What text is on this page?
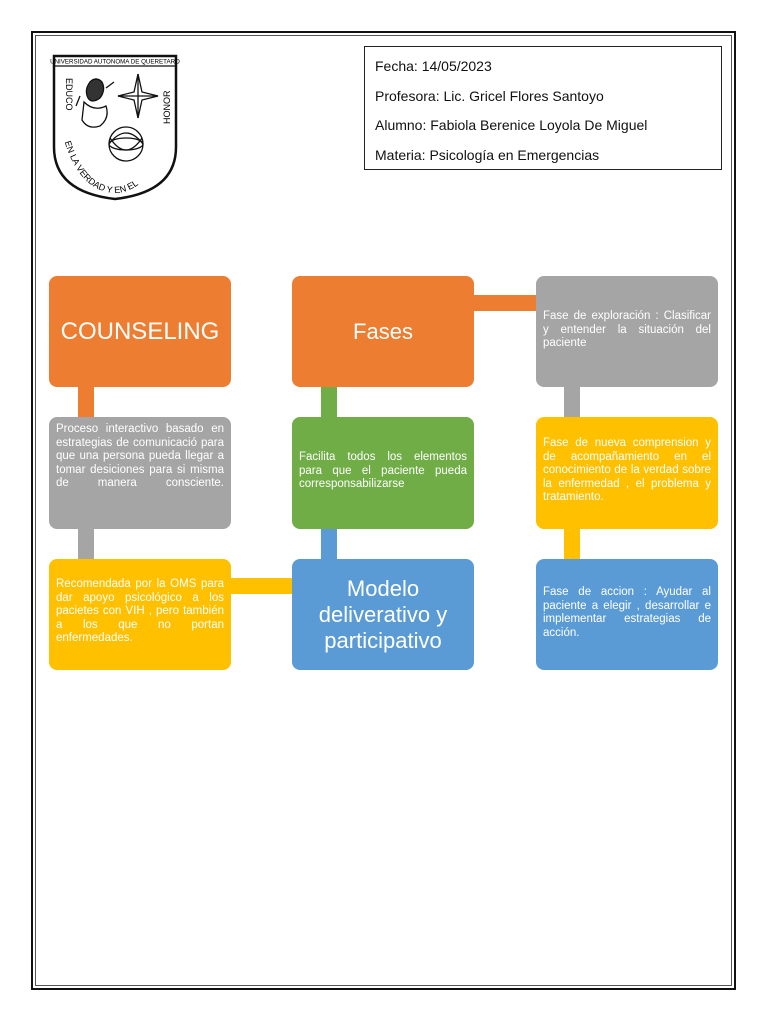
UNIVERSIDAD AUTONOMA DE QUERETARO
EDUCO	HONOR
EN LA VERDAD Y EN EL
Fecha: 14/05/2023
Profesora: Lic. Gricel Flores Santoyo
Alumno: Fabiola Berenice Loyola De Miguel
Materia: Psicología en Emergencias
COUNSELING	Fases
Fase de exploración : Clasificar y entender la situación del paciente
Proceso interactivo basado en estrategias de comunicació para que una persona pueda llegar a tomar desiciones para si misma de manera consciente.
Facilita todos los elementos para que el paciente pueda corresponsabilizarse
Fase de nueva comprension y de acompañamiento en el conocimiento de la verdad sobre la enfermedad , el problema y tratamiento.
Recomendada por la OMS para dar apoyo psicológico a los pacietes con VIH , pero también a los que no portan enfermedades.
Modelo deliverativo y participativo
Fase de accion : Ayudar al paciente a elegir , desarrollar e implementar estrategias de acción.
